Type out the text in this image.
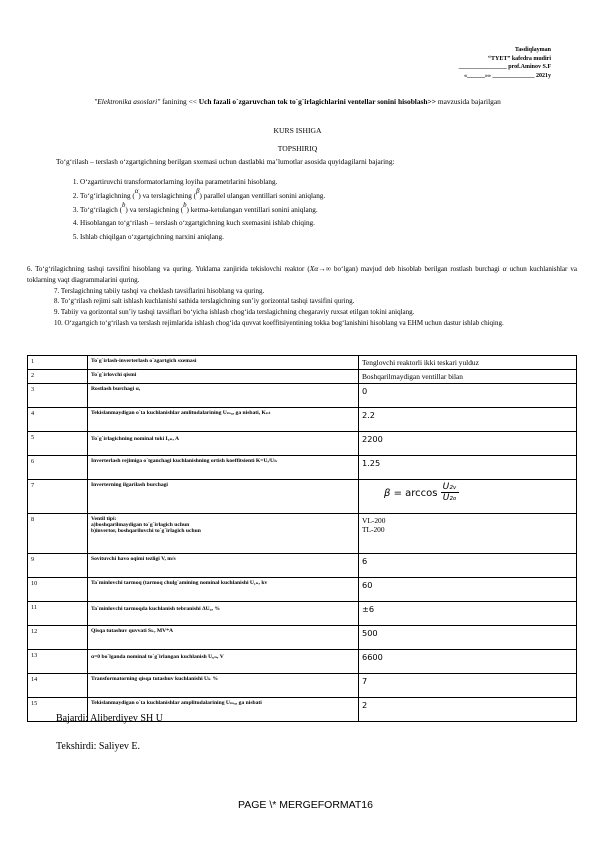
Tasdiqlayman
“TYET” kafedra mudiri
________________ prof.Aminov S.F
«______»» ______________ 2021y
"Elektronika asoslari" fanining << Uch fazali o`zgaruvchan tok to`g`irlagichlarini ventellar sonini hisoblash>> mavzusida bajarilgan
KURS ISHIGA
TOPSHIRIQ
To‘g‘rilash – terslash o‘zgartgichning berilgan sxemasi uchun dastlabki ma’lumotlar asosida quyidagilarni bajaring:
1. O‘zgartiruvchi transformatorlarning loyiha parametrlarini hisoblang.
2. To‘g‘irlagichning (α) va terslagichning (β) parallel ulangan ventillari sonini aniqlang.
3. To‘g‘rilagich (b) va terslagichning (b) ketma-ketulangan ventillari sonini aniqlang.
4. Hisoblangan to‘g‘rilash – terslash o‘zgartgichning kuch sxemasini ishlab chiqing.
5. Ishlab chiqilgan o‘zgartgichning narxini aniqlang.
6. To‘g‘rilagichning tashqi tavsifini hisoblang va quring. Yuklama zanjirida tekislovchi reaktor (Xα→∞ bo‘lgan) mavjud deb hisoblab berilgan rostlash burchagi α uchun kuchlanishlar va toklarning vaqt diagrammalarini quring.
7. Terslagichning tabiiy tashqi va cheklash tavsiflarini hisoblang va quring.
8. To‘g‘rilash rejimi salt ishlash kuchlanishi sathida terslagichning sun’iy gorizontal tashqi tavsifini quring.
9. Tabiiy va gorizontal sun’iy tashqi tavsiflari bo‘yicha ishlash chog‘ida terslagichning chegaraviy ruxsat etilgan tokini aniqlang.
10. O‘zgartgich to‘g‘rilash va terslash rejimlarida ishlash chog‘ida quvvat koeffitsiyentining tokka bog‘lanishini hisoblang va EHM uchun dastur ishlab chiqing.
1	To`g`irlash-inverterlash o`zgartgich sxemasi	Tenglovchi reaktorli ikki teskari yulduz
2	To`g`irlovchi qismi	Boshqarilmaydigan ventillar bilan
3	Rostlash burchagi α,	0
4	Tekislanmaydigan o`ta kuchlanishlar amlitudalarining Uₘₐₓ ga nisbati, Kₙₜ	2.2
5	To`g`irlagichning nominal toki I꜀ₙ, A	2200
6	Inverterlash rejimiga o`tganchagi kuchlanishning ortish koeffitsienti K=Uᵢ/Uₕ	1.25
7	Inverterning ilgarilash burchagi	$\beta = \arccos \frac{\text{U₂ᵥ}}{\text{U₂ₒ}}$

8	Ventil tipi:
a)boshqarilmaydigan to`g`irlagich uchun
b)invertor, boshqariluvchi to`g`irlagich uchun	VL-200
TL-200
9	Sovituvchi havo oqimi tezligi V, m/s	6
10	Ta`minlovchi tarmoq (tarmoq chulg`amining nominal kuchlanishi U₁ₙ, kv	60
11	Ta`minlovchi tarmoqda kuchlanish tebranishi ΔU꜀, %	±6
12	Qisqa tutashuv quvvati Sₖ, MV*A	500
13	α=0 bo`lganda nominal to`g`irlangan kuchlanish U꜀ₙ, V	6600
14	Transformatorning qisqa tutashuv kuchlanishi Uₖ %	7
15	Tekislanmaydigan o`ta kuchlanishlar amplitudalarining Uₘₐₓ ga nisbati	2
Bajardi: Aliberdiyev SH U
Tekshirdi: Saliyev E.
PAGE \* MERGEFORMAT16
